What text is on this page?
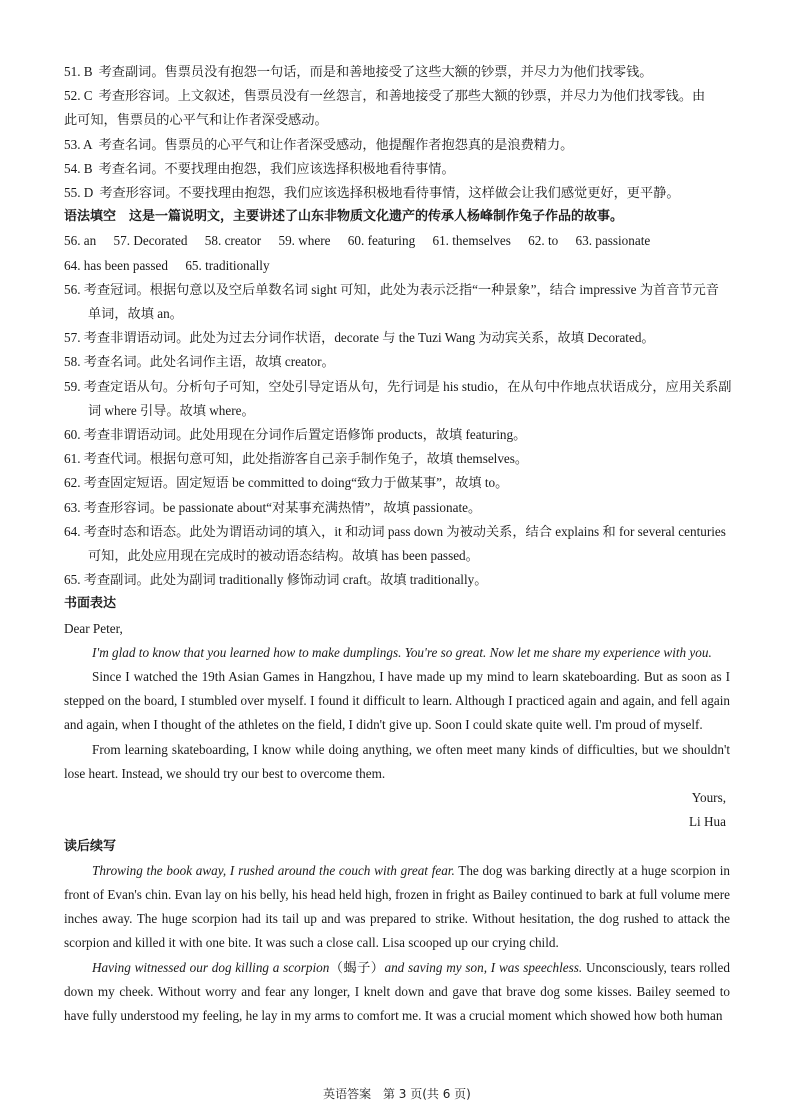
51. B 考查副词。售票员没有抱怨一句话，而是和善地接受了这些大额的钞票，并尽力为他们找零钱。
52. C 考查形容词。上文叙述，售票员没有一丝怨言，和善地接受了那些大额的钞票，并尽力为他们找零钱。由
此可知，售票员的心平气和让作者深受感动。
53. A 考查名词。售票员的心平气和让作者深受感动，他提醒作者抱怨真的是浪费精力。
54. B 考查名词。不要找理由抱怨，我们应该选择积极地看待事情。
55. D 考查形容词。不要找理由抱怨，我们应该选择积极地看待事情，这样做会让我们感觉更好，更平静。
语法填空　这是一篇说明文，主要讲述了山东非物质文化遗产的传承人杨峰制作兔子作品的故事。
56. an 57. Decorated 58. creator 59. where 60. featuring 61. themselves 62. to 63. passionate
64. has been passed 65. traditionally
56. 考查冠词。根据句意以及空后单数名词 sight 可知，此处为表示泛指“一种景象”，结合 impressive 为首音节元音
单词，故填 an。
57. 考查非谓语动词。此处为过去分词作状语，decorate 与 the Tuzi Wang 为动宾关系，故填 Decorated。
58. 考查名词。此处名词作主语，故填 creator。
59. 考查定语从句。分析句子可知，空处引导定语从句，先行词是 his studio，在从句中作地点状语成分，应用关系副
词 where 引导。故填 where。
60. 考查非谓语动词。此处用现在分词作后置定语修饰 products，故填 featuring。
61. 考查代词。根据句意可知，此处指游客自己亲手制作兔子，故填 themselves。
62. 考查固定短语。固定短语 be committed to doing“致力于做某事”，故填 to。
63. 考查形容词。be passionate about“对某事充满热情”，故填 passionate。
64. 考查时态和语态。此处为谓语动词的填入，it 和动词 pass down 为被动关系，结合 explains 和 for several centuries
可知，此处应用现在完成时的被动语态结构。故填 has been passed。
65. 考查副词。此处为副词 traditionally 修饰动词 craft。故填 traditionally。
书面表达
Dear Peter,
I'm glad to know that you learned how to make dumplings. You're so great. Now let me share my experience with you.
Since I watched the 19th Asian Games in Hangzhou, I have made up my mind to learn skateboarding. But as soon as I stepped on the board, I stumbled over myself. I found it difficult to learn. Although I practiced again and again, and fell again and again, when I thought of the athletes on the field, I didn't give up. Soon I could skate quite well. I'm proud of myself.
From learning skateboarding, I know while doing anything, we often meet many kinds of difficulties, but we shouldn't lose heart. Instead, we should try our best to overcome them.
Yours,
Li Hua
读后续写
Throwing the book away, I rushed around the couch with great fear. The dog was barking directly at a huge scorpion in front of Evan's chin. Evan lay on his belly, his head held high, frozen in fright as Bailey continued to bark at full volume mere inches away. The huge scorpion had its tail up and was prepared to strike. Without hesitation, the dog rushed to attack the scorpion and killed it with one bite. It was such a close call. Lisa scooped up our crying child.
Having witnessed our dog killing a scorpion（蝎子）and saving my son, I was speechless. Unconsciously, tears rolled down my cheek. Without worry and fear any longer, I knelt down and gave that brave dog some kisses. Bailey seemed to have fully understood my feeling, he lay in my arms to comfort me. It was a crucial moment which showed how both human
英语答案 第 3 页(共 6 页)
